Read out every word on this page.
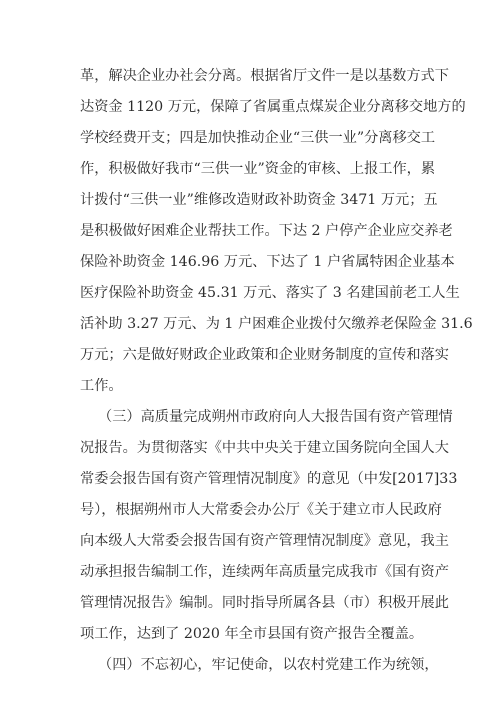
革，解决企业办社会分离。根据省厅文件一是以基数方式下
达资金 1120 万元，保障了省属重点煤炭企业分离移交地方的
学校经费开支；四是加快推动企业“三供一业”分离移交工
作，积极做好我市“三供一业”资金的审核、上报工作，累
计拨付“三供一业”维修改造财政补助资金 3471 万元；五
是积极做好困难企业帮扶工作。下达 2 户停产企业应交养老
保险补助资金 146.96 万元、下达了 1 户省属特困企业基本
医疗保险补助资金 45.31 万元、落实了 3 名建国前老工人生
活补助 3.27 万元、为 1 户困难企业拨付欠缴养老保险金 31.6
万元；六是做好财政企业政策和企业财务制度的宣传和落实
工作。
（三）高质量完成朔州市政府向人大报告国有资产管理情
况报告。为贯彻落实《中共中央关于建立国务院向全国人大
常委会报告国有资产管理情况制度》的意见（中发[2017]33
号），根据朔州市人大常委会办公厅《关于建立市人民政府
向本级人大常委会报告国有资产管理情况制度》意见，我主
动承担报告编制工作，连续两年高质量完成我市《国有资产
管理情况报告》编制。同时指导所属各县（市）积极开展此
项工作，达到了 2020 年全市县国有资产报告全覆盖。
（四）不忘初心，牢记使命，以农村党建工作为统领，
